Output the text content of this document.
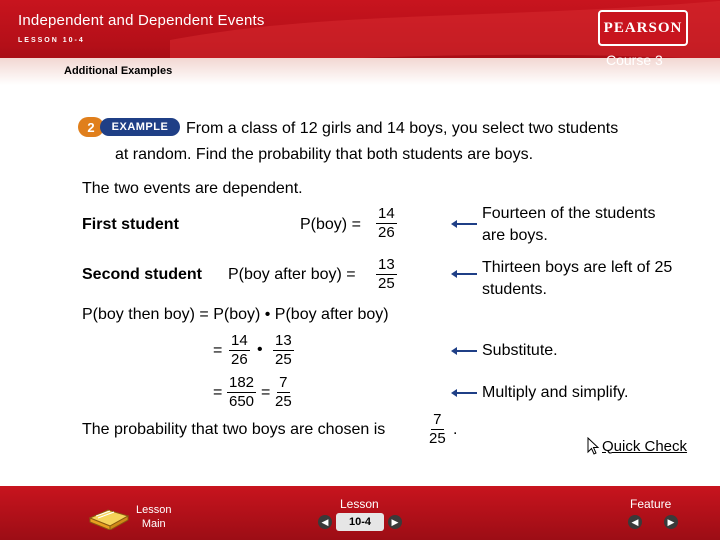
Independent and Dependent Events
LESSON 10-4
PEARSON
Course 3
Additional Examples
2	EXAMPLE	From a class of 12 girls and 14 boys, you select two students
at random. Find the probability that both students are boys.
The two events are dependent.
First student	$P(boy) = \frac{14}{26}$	Fourteen of the students
are boys.
Second student P(boy after $boy) = \frac{13}{25}$	Thirteen boys are left of 25
students.
P(boy then boy) = P(boy) • P(boy after boy)
= $\frac{14}{26}$ • $\frac{13}{25}$	Substitute.
= $\frac{182}{650} = \frac{7}{25}$	Multiply and simplify.
The probability that two boys are chosen is	$\frac{7}{25}$ .
Quick Check
Lesson
Main
Lesson
◀	10-4	▶
Feature
◀	▶
